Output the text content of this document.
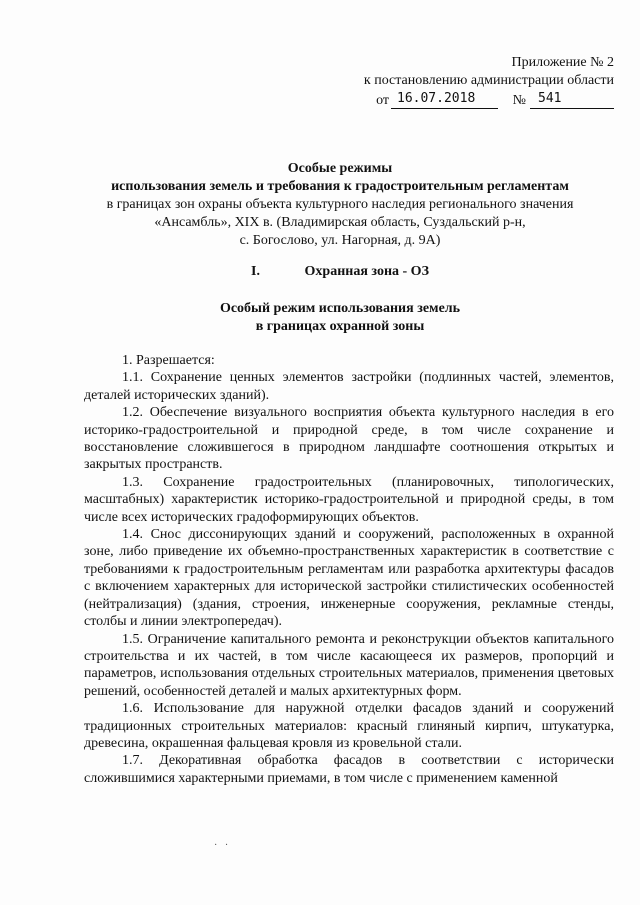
Приложение № 2
к постановлению администрации области
от 16.07.2018	№ 541
Особые режимы
использования земель и требования к градостроительным регламентам
в границах зон охраны объекта культурного наследия регионального значения
«Ансамбль», XIX в. (Владимирская область, Суздальский р-н,
с. Богослово, ул. Нагорная, д. 9А)
I.	Охранная зона - ОЗ
Особый режим использования земель
в границах охранной зоны

1. Разрешается:

1.1. Сохранение ценных элементов застройки (подлинных частей, элементов, деталей исторических зданий).

1.2. Обеспечение визуального восприятия объекта культурного наследия в его историко-градостроительной и природной среде, в том числе сохранение и восстановление сложившегося в природном ландшафте соотношения открытых и закрытых пространств.

1.3. Сохранение градостроительных (планировочных, типологических, масштабных) характеристик историко-градостроительной и природной среды, в том числе всех исторических градоформирующих объектов.

1.4. Снос диссонирующих зданий и сооружений, расположенных в охранной зоне, либо приведение их объемно-пространственных характеристик в соответствие с требованиями к градостроительным регламентам или разработка архитектуры фасадов с включением характерных для исторической застройки стилистических особенностей (нейтрализация) (здания, строения, инженерные сооружения, рекламные стенды, столбы и линии электропередач).

1.5. Ограничение капитального ремонта и реконструкции объектов капитального строительства и их частей, в том числе касающееся их размеров, пропорций и параметров, использования отдельных строительных материалов, применения цветовых решений, особенностей деталей и малых архитектурных форм.

1.6. Использование для наружной отделки фасадов зданий и сооружений традиционных строительных материалов: красный глиняный кирпич, штукатурка, древесина, окрашенная фальцевая кровля из кровельной стали.

1.7. Декоративная обработка фасадов в соответствии с исторически сложившимися характерными приемами, в том числе с применением каменной

·   ·
